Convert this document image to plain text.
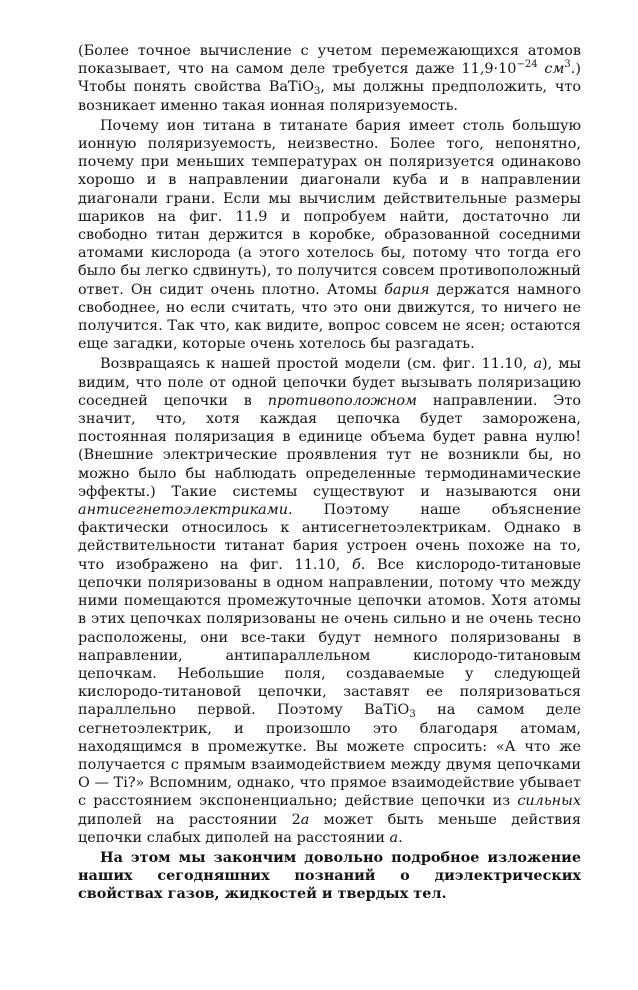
(Более точное вычисление с учетом перемежающихся атомов показывает, что на самом деле требуется даже $11,9\cdot 10^{-24}$ $см^3$.) Чтобы понять свойства BaTiO$_3$, мы должны предположить, что возникает именно такая ионная поляризуемость.

Почему ион титана в титанате бария имеет столь большую ионную поляризуемость, неизвестно. Более того, непонятно, почему при меньших температурах он поляризуется одинаково хорошо и в направлении диагонали куба и в направлении диагонали грани. Если мы вычислим действительные размеры шариков на фиг. 11.9 и попробуем найти, достаточно ли свободно титан держится в коробке, образованной соседними атомами кислорода (а этого хотелось бы, потому что тогда его было бы легко сдвинуть), то получится совсем противоположный ответ. Он сидит очень плотно. Атомы бария держатся намного свободнее, но если считать, что это они движутся, то ничего не получится. Так что, как видите, вопрос совсем не ясен; остаются еще загадки, которые очень хотелось бы разгадать.

Возвращаясь к нашей простой модели (см. фиг. 11.10, а), мы видим, что поле от одной цепочки будет вызывать поляризацию соседней цепочки в противоположном направлении. Это значит, что, хотя каждая цепочка будет заморожена, постоянная поляризация в единице объема будет равна нулю! (Внешние электрические проявления тут не возникли бы, но можно было бы наблюдать определенные термодинамические эффекты.) Такие системы существуют и называются они антисегнетоэлектриками. Поэтому наше объяснение фактически относилось к антисегнетоэлектрикам. Однако в действительности титанат бария устроен очень похоже на то, что изображено на фиг. 11.10, б. Все кислородо-титановые цепочки поляризованы в одном направлении, потому что между ними помещаются промежуточные цепочки атомов. Хотя атомы в этих цепочках поляризованы не очень сильно и не очень тесно расположены, они все-таки будут немного поляризованы в направлении, антипараллельном кислородо-титановым цепочкам. Небольшие поля, создаваемые у следующей кислородо-титановой цепочки, заставят ее поляризоваться параллельно первой. Поэтому BaTiO$_3$ на самом деле сегнетоэлектрик, и произошло это благодаря атомам, находящимся в промежутке. Вы можете спросить: «А что же получается с прямым взаимодействием между двумя цепочками O — Ti?» Вспомним, однако, что прямое взаимодействие убывает с расстоянием экспоненциально; действие цепочки из сильных диполей на расстоянии 2a может быть меньше действия цепочки слабых диполей на расстоянии a.

На этом мы закончим довольно подробное изложение наших сегодняшних познаний о диэлектрических свойствах газов, жидкостей и твердых тел.
